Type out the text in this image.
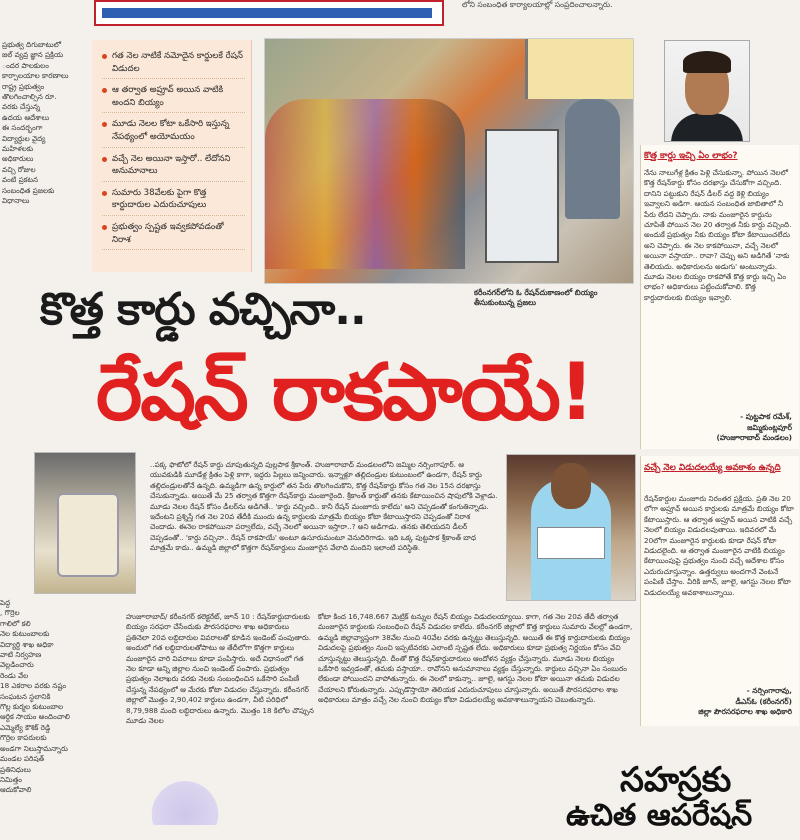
లోని సంబంధిత కార్యాలయాల్లో సంప్రదించాలన్నారు.
ప్రభుత్వ దిగుబాటులో
జల్ వ్యవ్ర జ్ఞాన ప్రక్రియ
ందర పాలకులం
కార్పాలయాల కారణాలు
రాష్ట్ర ప్రభుత్వం
తొలగించాల్సిన రూ.
వరకు చేస్తున్న
ఉదయ ఆదేశాలు
ఈ సందర్భంగా
విద్యార్థుల వైద్య
మహిళలకు
అధికారులు
వచ్చి రోజుల
వంటి ప్రకటన
సంబంధిత ప్రజలకు
విధానాలు
గత నెల నాటికే నమోదైన కార్డులకే రేషన్ విడుదల
ఆ తర్వాత అప్రూవ్ అయిన వాటికి అందని బియ్యం
మూడు నెలల కోటా ఒకేసారి ఇస్తున్న నేపథ్యంలో అయోమయం
వచ్చే నెల అయినా ఇస్తారో.. లేదోనని అనుమానాలు
సుమారు 38వేలకు పైగా కొత్త కార్డుదారుల ఎదురుచూపులు
ప్రభుత్వం స్పష్టత ఇవ్వకపోవడంతో నిరాశ
కరీంనగర్‌లోని ఓ రేషన్‌దుకాణంలో బియ్యం తీసుకుంటున్న ప్రజలు
కొత్త కార్డు వచ్చినా..
రేషన్ రాకపాయే!
కొత్త కార్డు ఇచ్చి ఏం లాభం?
నేను నాలుగేళ్ల క్రితం పెళ్లి చేసుకున్నా. పోయిన నెలలో కొత్త రేషన్‌కార్డు కోసం దరఖాస్తు చేసుకోగా వచ్చింది. దానిని పట్టుకుని రేషన్ డీలర్ వద్ద కెళ్లి బియ్యం ఇవ్వాలని అడిగా. ఆయన సంబంధిత జాబితాలో నీ పేరు లేదని చెప్పారు. నాకు మంజూరైన కార్డును చూపితే పోయిన నెల 20 తర్వాత నీకు కార్డు వచ్చింది. అందుకే ప్రభుత్వం నీకు బియ్యం కోటా కేటాయించలేదు అని చెప్పారు. ఈ నెల కాకపోయినా, వచ్చే నెలలో అయినా వస్తాయా.. రావా? చెప్పు అని అడిగితే 'నాకు తెలియదు. అధికారులను అడుగు' అంటున్నాడు. మూడు నెలల బియ్యం రాకపోతే కొత్త కార్డు ఇచ్చి ఏం లాభం? అధికారులు పట్టించుకోవాలి. కొత్త కార్డుదారులకు బియ్యం ఇవ్వాలి.
- పుట్టపాక రమేశ్,
జమ్మికుంట్లపూర్
(హుజూరాబాద్ మండలం)
వచ్చే నెల విడుదలయ్యే అవకాశం ఉన్నది
రేషన్‌కార్డుల మంజూరు నిరంతర ప్రక్రియ. ప్రతి నెల 20 లోగా అప్రూవ్ అయిన కార్డులకు మాత్రమే బియ్యం కోటా కేటాయిస్తారు. ఆ తర్వాత అప్రూవ్ అయిన వాటికి వచ్చే నెలలో బియ్యం విడుదలవుతాయి. ఇదివరలో మే 20లోగా మంజూరైన కార్డులకు కూడా రేషన్ కోటా విడుదలైంది. ఆ తర్వాత మంజూరైన వాటికి బియ్యం కేటాయింపుపై ప్రభుత్వం నుంచి వచ్చే ఆదేశాల కోసం ఎదురుచూస్తున్నాం. ఉత్తర్వులు అందగానే వెంటనే పంపిణీ చేస్తాం. వీరికి జూన్, జూలై, ఆగస్టు నెలల కోటా విడుదలయ్యే అవకాశాలున్నాయి.
- నర్సింగారావు,
డీఎస్‌ఓ (కరీంనగర్)
జిల్లా పౌరసరఫరాల శాఖ అధికారి
..పక్క ఫొటోలో రేషన్ కార్డు చూపుతున్నది పుల్లపాక శ్రీకాంత్. హుజూరాబాద్ మండలంలోని జమ్మిల నర్సింగాపూర్. ఆ యువకుడికి మూడేళ్ల క్రితం పెళ్లి కాగా, ఇద్దరు పిల్లలు జన్మించారు. ఇన్నాళ్లూ తల్లిదండ్రుల కుటుంబంలో ఉండగా, రేషన్ కార్డు తల్లిదండ్రులతోనే ఉన్నది. ఉమ్మడిగా ఉన్న కార్డులో తన పేరు తొలగించుకొని, కొత్త రేషన్‌కార్డు కోసం గత నెల 15న దరఖాస్తు చేసుకున్నాడు. అయితే మే 25 తర్వాత కొత్తగా రేషన్‌కార్డు మంజూరైంది. శ్రీకాంత్ కార్డుతో తనకు కేటాయించిన షాపులోకి వెళ్లాడు. మూడు నెలల రేషన్ కోసం డీలర్‌ను అడిగితే.. 'కార్డు వచ్చింది.. కానీ రేషన్ మంజూరు కాలేదు' అని చెప్పడంతో కంగుతిన్నాడు. ఇదేంటని ప్రశ్నిస్తే గత నెల 20వ తేదీకి ముందు ఉన్న కార్డులకు మాత్రమే బియ్యం కోటా కేటాయిస్తారని చెప్పడంతో నిరాశ చెందాడు. ఈనెల రాకపోయినా పర్వాలేదు, వచ్చే నెలలో అయినా ఇస్తారా..? అని అడిగాడు. తనకు తెలియదని డీలర్ చెప్పడంతో.. 'కార్డు వచ్చినా.. రేషన్ రాకపాయే' అంటూ ఉసూరుమంటూ వెనుదిరిగాడు. ఇది ఒక్క పుట్టపాక శ్రీకాంత్ బాధ మాత్రమే కాదు.. ఉమ్మడి జిల్లాలో కొత్తగా రేషన్‌కార్డులు మంజూరైన వేలాది మందిని ఇలాంటి పరిస్థితి.
హుజూరాబాద్/ కరీంనగర్ కలెక్టరేట్, జూన్ 10 : రేషన్‌కార్డుదారులకు బియ్యం సరఫరా చేసేందుకు పౌరసరఫరాల శాఖ అధికారులు ప్రతినెలా 20వ లబ్ధిదారుల వివరాలతో కూడిన ఇండెంట్ పంపుతారు. అందులో గత లబ్ధిదారులతోపాటు ఆ తేదీలోగా కొత్తగా కార్డులు మంజూరైన వారి వివరాలు కూడా పంపిస్తారు. అదే విధానంలో గత నెల కూడా అన్ని జిల్లాల నుంచి ఇండెంట్ పంపారు. ప్రభుత్వం ప్రభుత్వం నెలాఖరు వరకు నెలకు సంబంధించిన ఒకేసారి పంపిణీ చేస్తున్న నేపథ్యంలో ఆ మేరకు కోటా విడుదల చేస్తున్నారు. కరీంనగర్ జిల్లాలో మొత్తం 2,90,402 కార్డులు ఉండగా, వీటి పరిధిలో 8,79,988 మంది లబ్ధిదారులు ఉన్నారు. మొత్తం 18 కిలోల చొప్పున మూడు నెలల
కోటా కింద 16,748.667 మెట్రిక్ టన్నుల రేషన్ బియ్యం విడుదలయ్యాయి. కాగా, గత నెల 20వ తేదీ తర్వాత మంజూరైన కార్డులకు సంబంధించి రేషన్ విడుదల కాలేదు. కరీంనగర్ జిల్లాలో కొత్త కార్డులు సుమారు వేలల్లో ఉండగా, ఉమ్మడి జిల్లావ్యాప్తంగా 38వేల నుంచి 40వేల వరకు ఉన్నట్టు తెలుస్తున్నది. అయితే ఈ కొత్త కార్డుదారులకు బియ్యం విడుదలపై ప్రభుత్వం నుంచి ఇప్పటివరకు ఎలాంటి స్పష్టత లేదు. అధికారులు కూడా ప్రభుత్వ నిర్ణయం కోసం వేచి చూస్తున్నట్టు తెలుస్తున్నది. దీంతో కొత్త రేషన్‌కార్డుదారులు ఆందోళన వ్యక్తం చేస్తున్నారు. మూడు నెలల బియ్యం ఒకేసారి ఇవ్వడంతో, తమకు వస్తాయా.. రావోనని అనుమానాలు వ్యక్తం చేస్తున్నారు. కార్డులు వచ్చినా ఏం సంబురం లేకుండా పోయిందని వాపోతున్నారు. ఈ నెలలో కాకున్నా.. జూలై, ఆగస్టు నెలల కోటా అయినా తమకు విడుదల చేయాలని కోరుతున్నారు. ఎప్పుడొస్తాయో తెలియక ఎదురుచూపులు చూస్తున్నారు. అయితే పౌరసరఫరాల శాఖ అధికారులు మాత్రం వచ్చే నెల నుంచి బియ్యం కోటా విడుదలయ్యే అవకాశాలున్నాయని చెబుతున్నారు.
పెద్ద
, గొర్రెల
గాలిలో కలి
నెల కుటుంబాలకు
విద్యార్థి శాఖ అధికా
వాటి నిర్వహణ
వెల్లడించారు
రెండు వేల
18 ఎకరాల వరకు నష్టం
సంఘటన స్థలానికి
గొల్ల కుర్మల కుటుంబాల
ఆర్థిక సాయం అందించాలి
ఎమ్మెల్యే కౌశిక్ రెడ్డి
గొర్రెల కాపరులకు
అండగా నిలుస్తామన్నారు
మండల పరిషత్
ప్రతినిధులు
నిమిత్తం
ఆదుకోవాలి	సహస్రకు
ఉచిత ఆపరేషన్
